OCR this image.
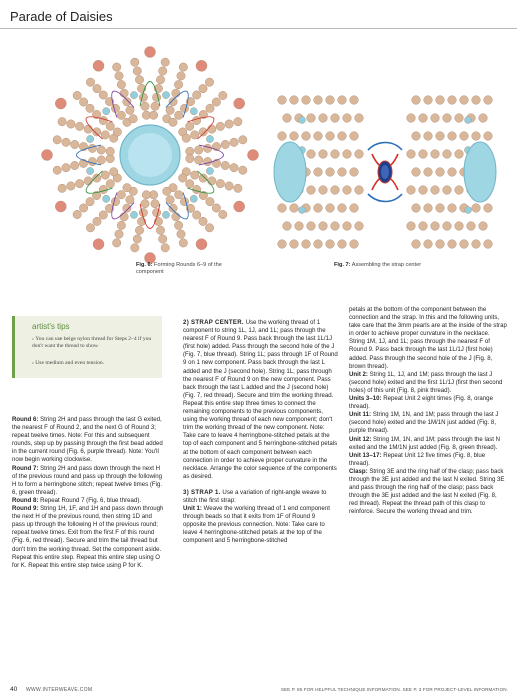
Parade of Daisies
Fig. 6: Forming Rounds 6–9 of the component
Fig. 7: Assembling the strap center
artist's tips
› You can use beige nylon thread for Steps 2–4 if you don't want the thread to show.
› Use medium and even tension.

Round 6: String 2H and pass through the last G exited, the nearest F of Round 2, and the next G of Round 3; repeat twelve times. Note: For this and subsequent rounds, step up by passing through the first bead added in the current round (Fig. 6, purple thread). Note: You'll now begin working clockwise.

Round 7: String 2H and pass down through the next H of the previous round and pass up through the following H to form a herringbone stitch; repeat twelve times (Fig. 6, green thread).

Round 8: Repeat Round 7 (Fig. 6, blue thread).

Round 9: String 1H, 1F, and 1H and pass down through the next H of the previous round, then string 1D and pass up through the following H of the previous round; repeat twelve times. Exit from the first F of this round (Fig. 6, red thread). Secure and trim the tail thread but don't trim the working thread. Set the component aside. Repeat this entire step. Repeat this entire step using O for K. Repeat this entire step twice using P for K.

2) STRAP CENTER. Use the working thread of 1 component to string 1L, 1J, and 1L; pass through the nearest F of Round 9. Pass back through the last 1L/1J (first hole) added. Pass through the second hole of the J (Fig. 7, blue thread). String 1L; pass through 1F of Round 9 on 1 new component. Pass back through the last L added and the J (second hole). String 1L; pass through the nearest F of Round 9 on the new component. Pass back through the last L added and the J (second hole) (Fig. 7, red thread). Secure and trim the working thread.

Repeat this entire step three times to connect the remaining components to the previous components, using the working thread of each new component; don't trim the working thread of the new component. Note: Take care to leave 4 herringbone-stitched petals at the top of each component and 5 herringbone-stitched petals at the bottom of each component between each connection in order to achieve proper curvature in the necklace. Arrange the color sequence of the components as desired.

3) STRAP 1. Use a variation of right-angle weave to stitch the first strap:

Unit 1: Weave the working thread of 1 end component through beads so that it exits from 1F of Round 9 opposite the previous connection. Note: Take care to leave 4 herringbone-stitched petals at the top of the component and 5 herringbone-stitched

petals at the bottom of the component between the connection and the strap. In this and the following units, take care that the 3mm pearls are at the inside of the strap in order to achieve proper curvature in the necklace. String 1M, 1J, and 1L; pass through the nearest F of Round 9. Pass back through the last 1L/1J (first hole) added. Pass through the second hole of the J (Fig. 8, brown thread).

Unit 2: String 1L, 1J, and 1M; pass through the last J (second hole) exited and the first 1L/1J (first then second holes) of this unit (Fig. 8, pink thread).

Units 3–10: Repeat Unit 2 eight times (Fig. 8, orange thread).

Unit 11: String 1M, 1N, and 1M; pass through the last J (second hole) exited and the 1M/1N just added (Fig. 8, purple thread).

Unit 12: String 1M, 1N, and 1M; pass through the last N exited and the 1M/1N just added (Fig. 8, green thread).

Unit 13–17: Repeat Unit 12 five times (Fig. 8, blue thread).

Clasp: String 3E and the ring half of the clasp; pass back through the 3E just added and the last N exited. String 3E and pass through the ring half of the clasp; pass back through the 3E just added and the last N exited (Fig. 8, red thread). Repeat the thread path of this clasp to reinforce. Secure the working thread and trim.

40 WWW.INTERWEAVE.COM	SEE P. 85 FOR HELPFUL TECHNIQUE INFORMATION. SEE P. 3 FOR PROJECT-LEVEL INFORMATION.
